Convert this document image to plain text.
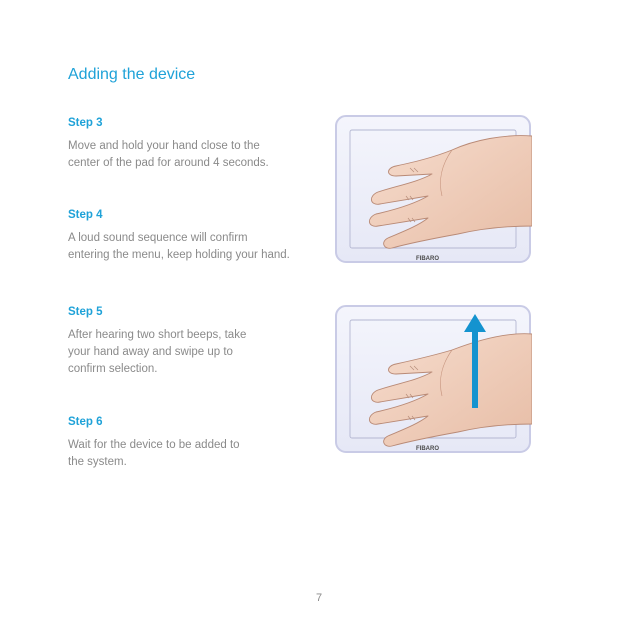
Adding the device
Step 3

Move and hold your hand close to the
center of the pad for around 4 seconds.

Step 4

A loud sound sequence will confirm
entering the menu, keep holding your hand.

Step 5

After hearing two short beeps, take
your hand away and swipe up to
confirm selection.

Step 6

Wait for the device to be added to
the system.

FIBARO
FIBARO

7
